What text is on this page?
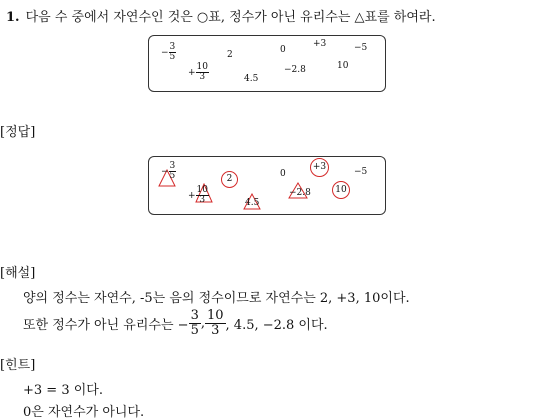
1. 다음 수 중에서 자연수인 것은 ○표, 정수가 아닌 유리수는 △표를 하여라.
− $\frac{3}{5}$	2	0
+3	−5
+ $\frac{10}{3}$	4.5
−2.8	10
[정답]
− $\frac{3}{5}$	2	0
+3	−5
+ $\frac{10}{3}$	4.5
−2.8	10
[해설]
양의 정수는 자연수, -5는 음의 정수이므로 자연수는 2, +3, 10이다.
또한 정수가 아닌 유리수는 − $\frac{3}{5}$ ,
10
3 , 4.5, −2.8 이다.
[힌트]
+3 = 3 이다.
0은 자연수가 아니다.
